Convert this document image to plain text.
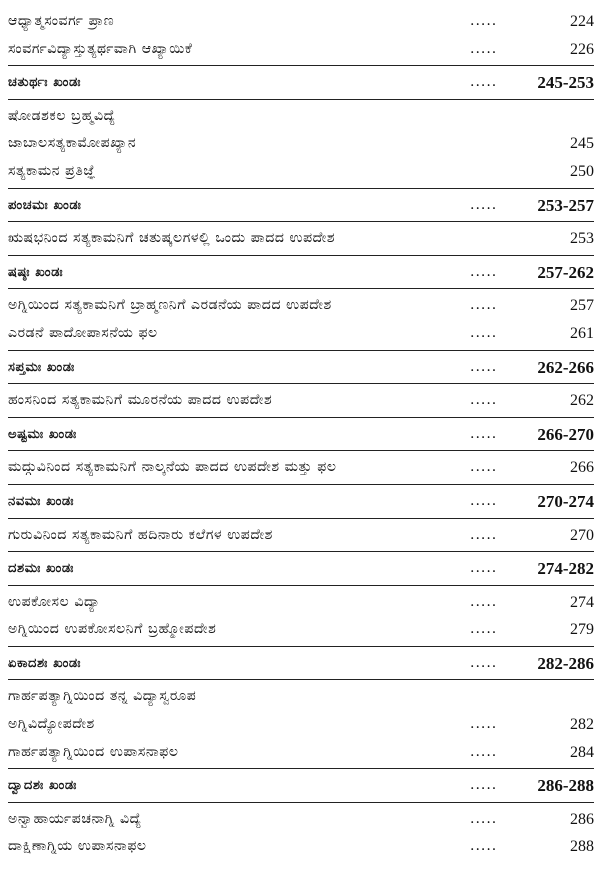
ಆಧ್ಯಾತ್ಮಸಂವರ್ಗ ಪ್ರಾಣ	.....	224
ಸಂವರ್ಗವಿದ್ಯಾಸ್ತುತ್ಯರ್ಥವಾಗಿ ಆಖ್ಯಾಯಿಕೆ	.....	226
ಚತುರ್ಥಃ ಖಂಡಃ	..... 245-253
ಷೋಡಶಕಲ ಬ್ರಹ್ಮವಿದ್ಯೆ
ಜಾಬಾಲಸತ್ಯಕಾಮೋಪಖ್ಯಾನ	245
ಸತ್ಯಕಾಮನ ಪ್ರತಿಜ್ಞೆ	250
ಪಂಚಮಃ ಖಂಡಃ	..... 253-257
ಋಷಭನಿಂದ ಸತ್ಯಕಾಮನಿಗೆ ಚತುಷ್ಕಲಗಳಲ್ಲಿ ಒಂದು ಪಾದದ ಉಪದೇಶ	253
ಷಷ್ಠಃ ಖಂಡಃ	..... 257-262
ಅಗ್ನಿಯಿಂದ ಸತ್ಯಕಾಮನಿಗೆ ಬ್ರಾಹ್ಮಣನಿಗೆ ಎರಡನೆಯ ಪಾದದ ಉಪದೇಶ	.....	257
ಎರಡನೆ ಪಾದೋಪಾಸನೆಯ ಫಲ	.....	261
ಸಪ್ತಮಃ ಖಂಡಃ	..... 262-266
ಹಂಸನಿಂದ ಸತ್ಯಕಾಮನಿಗೆ ಮೂರನೆಯ ಪಾದದ ಉಪದೇಶ	.....	262
ಅಷ್ಟಮಃ ಖಂಡಃ	..... 266-270
ಮದ್ಗುವಿನಿಂದ ಸತ್ಯಕಾಮನಿಗೆ ನಾಲ್ಕನೆಯ ಪಾದದ ಉಪದೇಶ ಮತ್ತು ಫಲ	.....	266
ನವಮಃ ಖಂಡಃ	..... 270-274
ಗುರುವಿನಿಂದ ಸತ್ಯಕಾಮನಿಗೆ ಹದಿನಾರು ಕಲೆಗಳ ಉಪದೇಶ	.....	270
ದಶಮಃ ಖಂಡಃ	..... 274-282
ಉಪಕೋಸಲ ವಿದ್ಯಾ	.....	274
ಅಗ್ನಿಯಿಂದ ಉಪಕೋಸಲನಿಗೆ ಬ್ರಹ್ಮೋಪದೇಶ	.....	279
ಏಕಾದಶಃ ಖಂಡಃ	..... 282-286
ಗಾರ್ಹಪತ್ಯಾಗ್ನಿಯಿಂದ ತನ್ನ ವಿದ್ಯಾಸ್ವರೂಪ
ಅಗ್ನಿವಿದ್ಯೋಪದೇಶ	.....	282
ಗಾರ್ಹಪತ್ಯಾಗ್ನಿಯಿಂದ ಉಪಾಸನಾಫಲ	.....	284
ದ್ವಾದಶಃ ಖಂಡಃ	..... 286-288
ಅನ್ವಾಹಾರ್ಯಪಚನಾಗ್ನಿ ವಿದ್ಯೆ	.....	286
ದಾಕ್ಷಿಣಾಗ್ನಿಯ ಉಪಾಸನಾಫಲ	.....	288
